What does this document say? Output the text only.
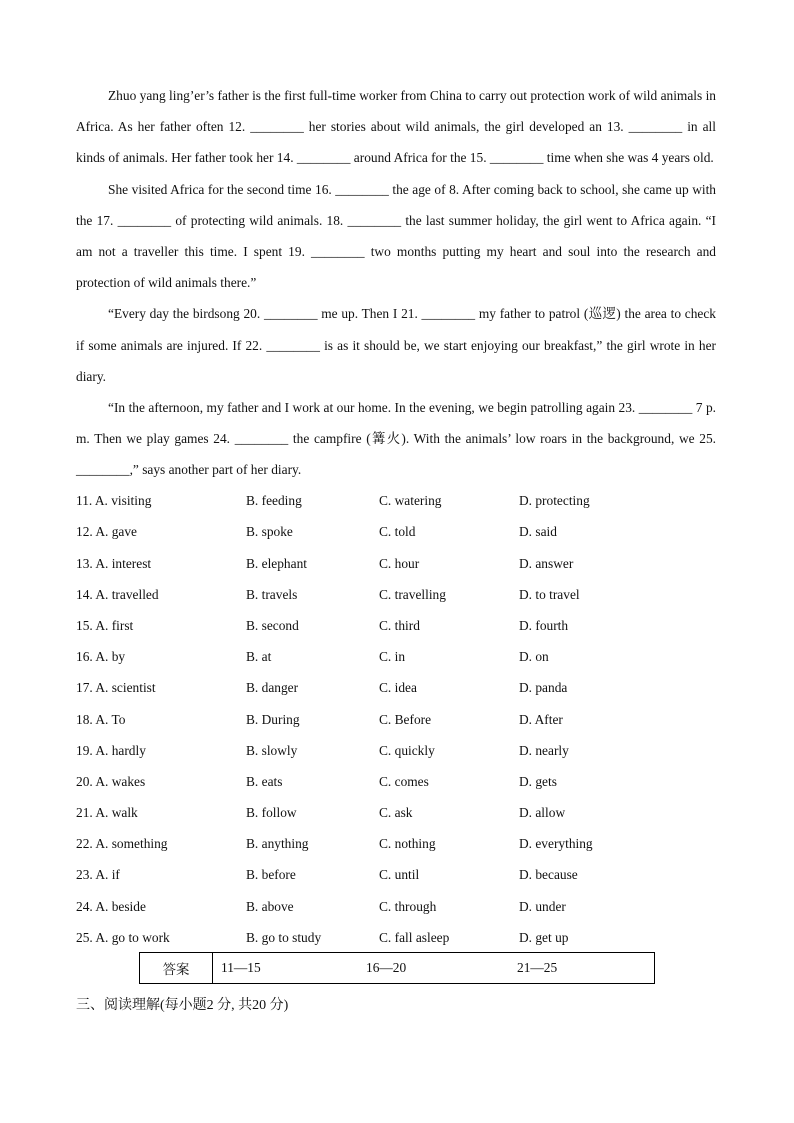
Zhuo yang ling’er’s father is the first full-time worker from China to carry out protection work of wild animals in Africa. As her father often 12. ________ her stories about wild animals, the girl developed an 13. ________ in all kinds of animals. Her father took her 14. ________ around Africa for the 15. ________ time when she was 4 years old.

She visited Africa for the second time 16. ________ the age of 8. After coming back to school, she came up with the 17. ________ of protecting wild animals. 18. ________ the last summer holiday, the girl went to Africa again. “I am not a traveller this time. I spent 19. ________ two months putting my heart and soul into the research and protection of wild animals there.”

“Every day the birdsong 20. ________ me up. Then I 21. ________ my father to patrol (巡逻) the area to check if some animals are injured. If 22. ________ is as it should be, we start enjoying our breakfast,” the girl wrote in her diary.

“In the afternoon, my father and I work at our home. In the evening, we begin patrolling again 23. ________ 7 p. m. Then we play games 24. ________ the campfire (篝火). With the animals’ low roars in the background, we 25. ________,” says another part of her diary.

11. A. visiting	B. feeding	C. watering	D. protecting
12. A. gave	B. spoke	C. told	D. said
13. A. interest	B. elephant	C. hour	D. answer
14. A. travelled	B. travels	C. travelling	D. to travel
15. A. first	B. second	C. third	D. fourth
16. A. by	B. at	C. in	D. on
17. A. scientist	B. danger	C. idea	D. panda
18. A. To	B. During	C. Before	D. After
19. A. hardly	B. slowly	C. quickly	D. nearly
20. A. wakes	B. eats	C. comes	D. gets
21. A. walk	B. follow	C. ask	D. allow
22. A. something	B. anything	C. nothing	D. everything
23. A. if	B. before	C. until	D. because
24. A. beside	B. above	C. through	D. under
25. A. go to work	B. go to study	C. fall asleep	D. get up
答案	11—15	16—20	21—25
三、阅读理解(每小题2 分, 共20 分)
